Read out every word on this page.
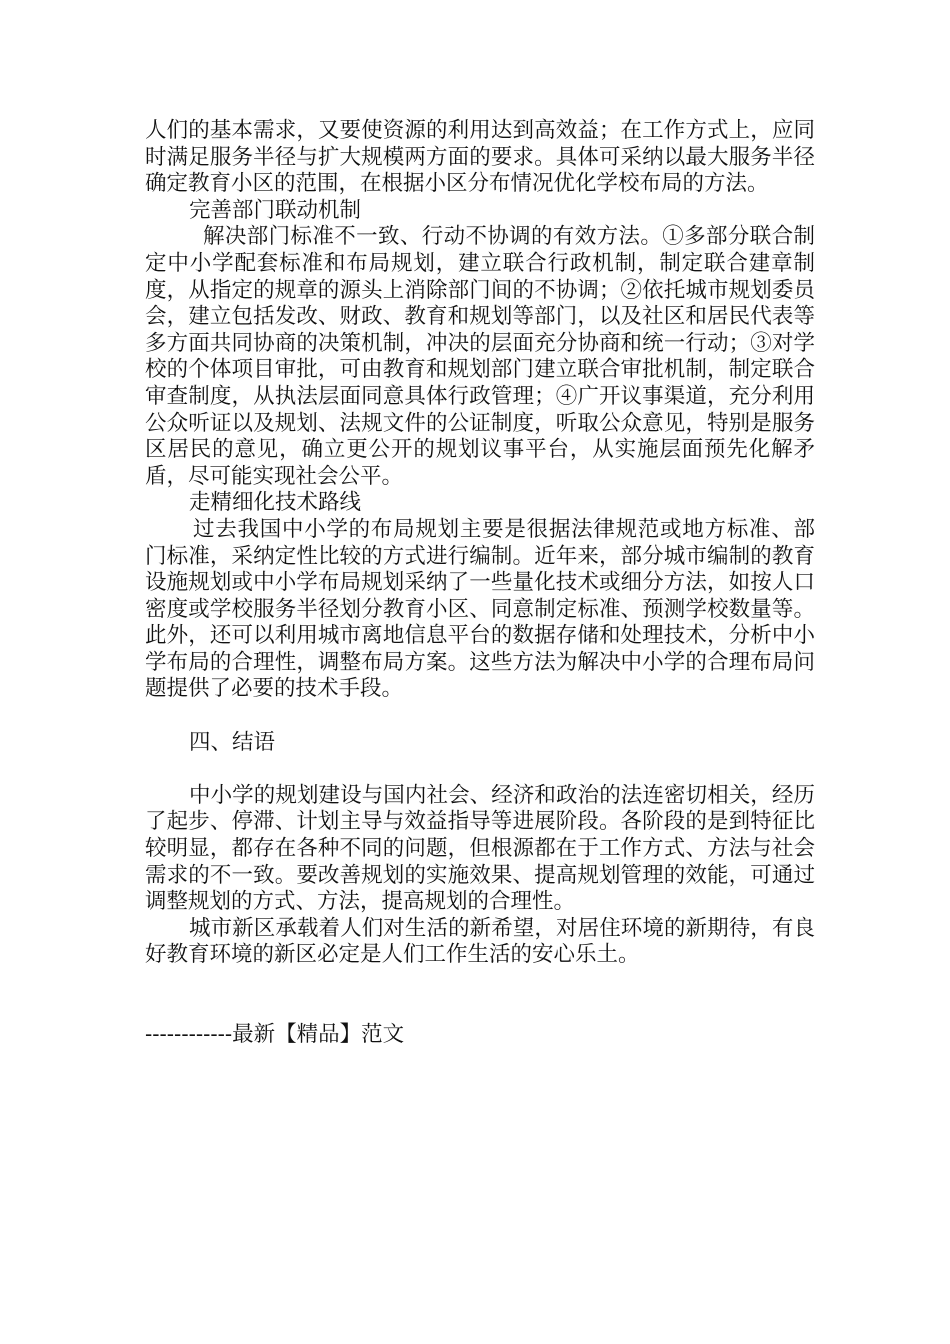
人们的基本需求，又要使资源的利用达到高效益；在工作方式上，应同时满足服务半径与扩大规模两方面的要求。具体可采纳以最大服务半径确定教育小区的范围，在根据小区分布情况优化学校布局的方法。

完善部门联动机制

解决部门标准不一致、行动不协调的有效方法。①多部分联合制定中小学配套标准和布局规划，建立联合行政机制，制定联合建章制度，从指定的规章的源头上消除部门间的不协调；②依托城市规划委员会，建立包括发改、财政、教育和规划等部门，以及社区和居民代表等多方面共同协商的决策机制，冲决的层面充分协商和统一行动；③对学校的个体项目审批，可由教育和规划部门建立联合审批机制，制定联合审查制度，从执法层面同意具体行政管理；④广开议事渠道，充分利用公众听证以及规划、法规文件的公证制度，听取公众意见，特别是服务区居民的意见，确立更公开的规划议事平台，从实施层面预先化解矛盾，尽可能实现社会公平。

走精细化技术路线

过去我国中小学的布局规划主要是很据法律规范或地方标准、部门标准，采纳定性比较的方式进行编制。近年来，部分城市编制的教育设施规划或中小学布局规划采纳了一些量化技术或细分方法，如按人口密度或学校服务半径划分教育小区、同意制定标准、预测学校数量等。此外，还可以利用城市离地信息平台的数据存储和处理技术，分析中小学布局的合理性，调整布局方案。这些方法为解决中小学的合理布局问题提供了必要的技术手段。

四、结语

中小学的规划建设与国内社会、经济和政治的法连密切相关，经历了起步、停滞、计划主导与效益指导等进展阶段。各阶段的是到特征比较明显，都存在各种不同的问题，但根源都在于工作方式、方法与社会需求的不一致。要改善规划的实施效果、提高规划管理的效能，可通过调整规划的方式、方法，提高规划的合理性。

城市新区承载着人们对生活的新希望，对居住环境的新期待，有良好教育环境的新区必定是人们工作生活的安心乐土。

------------最新【精品】范文
